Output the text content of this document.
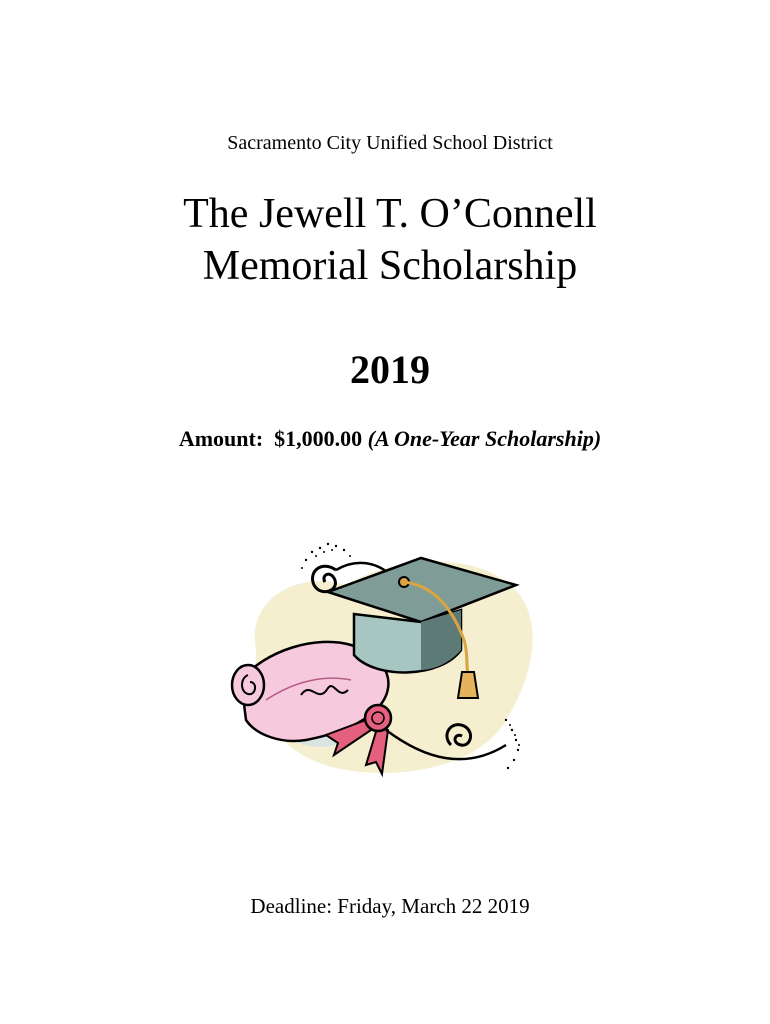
Sacramento City Unified School District
The Jewell T. O’Connell
Memorial Scholarship
2019
Amount: $1,000.00 (A One-Year Scholarship)
Deadline: Friday, March 22 2019
